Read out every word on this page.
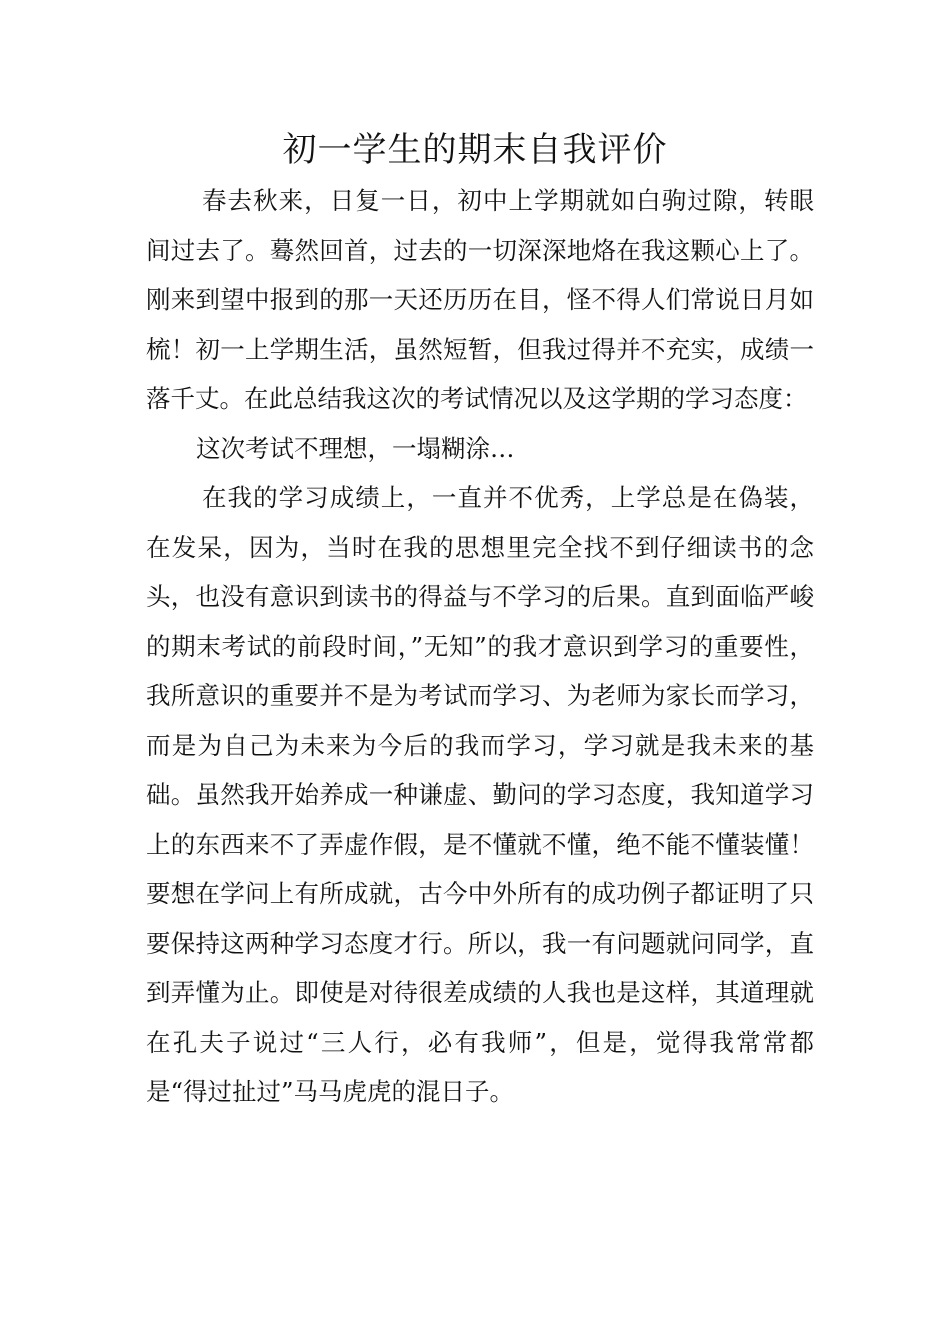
初一学生的期末自我评价

春去秋来，日复一日，初中上学期就如白驹过隙，转眼间过去了。蓦然回首，过去的一切深深地烙在我这颗心上了。刚来到望中报到的那一天还历历在目，怪不得人们常说日月如梳！初一上学期生活，虽然短暂，但我过得并不充实，成绩一落千丈。在此总结我这次的考试情况以及这学期的学习态度：

这次考试不理想，一塌糊涂…

在我的学习成绩上，一直并不优秀，上学总是在偽装，在发呆，因为，当时在我的思想里完全找不到仔细读书的念头，也没有意识到读书的得益与不学习的后果。直到面临严峻的期末考试的前段时间，”无知”的我才意识到学习的重要性，我所意识的重要并不是为考试而学习、为老师为家长而学习，而是为自己为未来为今后的我而学习，学习就是我未来的基础。虽然我开始养成一种谦虚、勤问的学习态度，我知道学习上的东西来不了弄虚作假，是不懂就不懂，绝不能不懂装懂！要想在学问上有所成就，古今中外所有的成功例子都证明了只要保持这两种学习态度才行。所以，我一有问题就问同学，直到弄懂为止。即使是对待很差成绩的人我也是这样，其道理就在孔夫子说过“三人行，必有我师”，但是，觉得我常常都是“得过扯过”马马虎虎的混日子。
